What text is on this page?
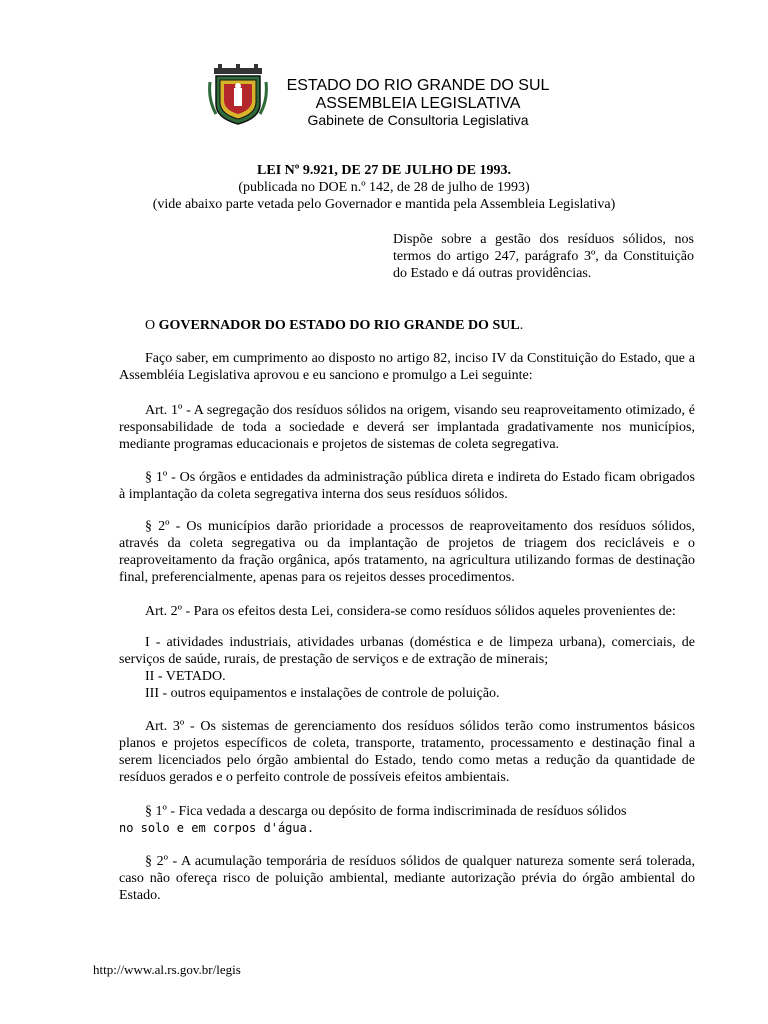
ESTADO DO RIO GRANDE DO SUL
ASSEMBLEIA LEGISLATIVA
Gabinete de Consultoria Legislativa
LEI Nº 9.921, DE 27 DE JULHO DE 1993.
(publicada no DOE n.º 142, de 28 de julho de 1993)
(vide abaixo parte vetada pelo Governador e mantida pela Assembleia Legislativa)
Dispõe sobre a gestão dos resíduos sólidos, nos termos do artigo 247, parágrafo 3º, da Constituição do Estado e dá outras providências.
O GOVERNADOR DO ESTADO DO RIO GRANDE DO SUL.
Faço saber, em cumprimento ao disposto no artigo 82, inciso IV da Constituição do Estado, que a Assembléia Legislativa aprovou e eu sanciono e promulgo a Lei seguinte:
Art. 1º - A segregação dos resíduos sólidos na origem, visando seu reaproveitamento otimizado, é responsabilidade de toda a sociedade e deverá ser implantada gradativamente nos municípios, mediante programas educacionais e projetos de sistemas de coleta segregativa.
§ 1º - Os órgãos e entidades da administração pública direta e indireta do Estado ficam obrigados à implantação da coleta segregativa interna dos seus resíduos sólidos.
§ 2º - Os municípios darão prioridade a processos de reaproveitamento dos resíduos sólidos, através da coleta segregativa ou da implantação de projetos de triagem dos recicláveis e o reaproveitamento da fração orgânica, após tratamento, na agricultura utilizando formas de destinação final, preferencialmente, apenas para os rejeitos desses procedimentos.
Art. 2º - Para os efeitos desta Lei, considera-se como resíduos sólidos aqueles provenientes de:
I - atividades industriais, atividades urbanas (doméstica e de limpeza urbana), comerciais, de serviços de saúde, rurais, de prestação de serviços e de extração de minerais;
II - VETADO.
III - outros equipamentos e instalações de controle de poluição.
Art. 3º - Os sistemas de gerenciamento dos resíduos sólidos terão como instrumentos básicos planos e projetos específicos de coleta, transporte, tratamento, processamento e destinação final a serem licenciados pelo órgão ambiental do Estado, tendo como metas a redução da quantidade de resíduos gerados e o perfeito controle de possíveis efeitos ambientais.
§ 1º - Fica vedada a descarga ou depósito de forma indiscriminada de resíduos sólidos
no solo e em corpos d'água.
§ 2º - A acumulação temporária de resíduos sólidos de qualquer natureza somente será tolerada, caso não ofereça risco de poluição ambiental, mediante autorização prévia do órgão ambiental do Estado.
http://www.al.rs.gov.br/legis
